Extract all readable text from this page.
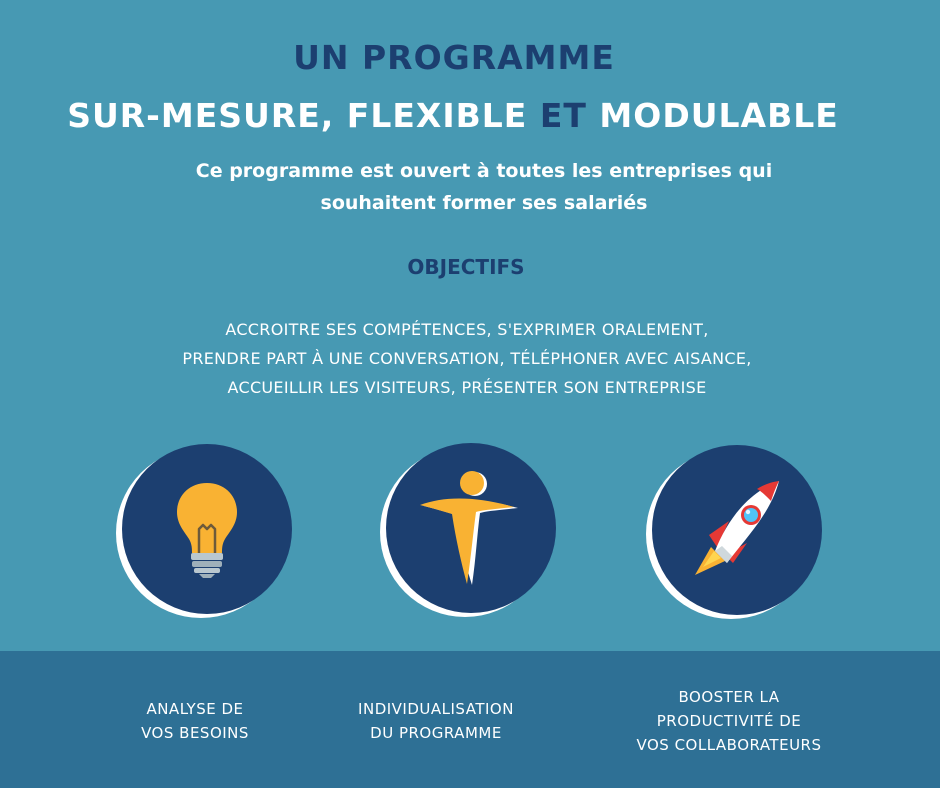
UN PROGRAMME
SUR-MESURE, FLEXIBLE ET MODULABLE
Ce programme est ouvert à toutes les entreprises qui
souhaitent former ses salariés
OBJECTIFS
ACCROITRE SES COMPÉTENCES, S'EXPRIMER ORALEMENT,
PRENDRE PART À UNE CONVERSATION, TÉLÉPHONER AVEC AISANCE,
ACCUEILLIR LES VISITEURS, PRÉSENTER SON ENTREPRISE
ANALYSE DE
VOS BESOINS
INDIVIDUALISATION
DU PROGRAMME
BOOSTER LA
PRODUCTIVITÉ DE
VOS COLLABORATEURS
